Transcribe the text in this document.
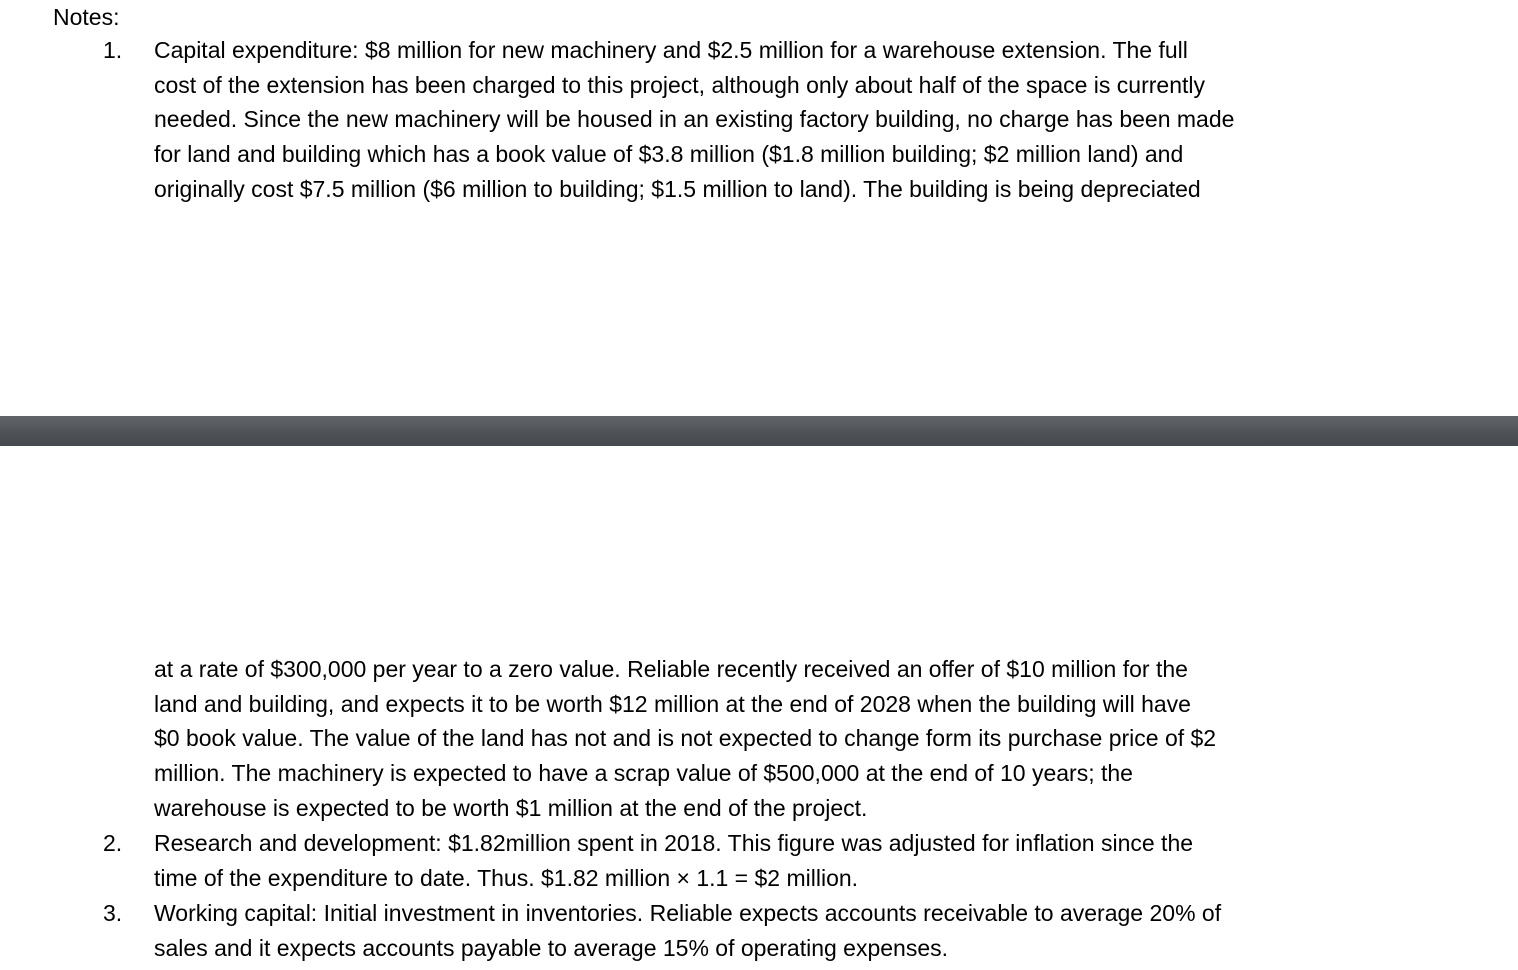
Notes:
1. Capital expenditure: $8 million for new machinery and $2.5 million for a warehouse extension. The full
cost of the extension has been charged to this project, although only about half of the space is currently
needed. Since the new machinery will be housed in an existing factory building, no charge has been made
for land and building which has a book value of $3.8 million ($1.8 million building; $2 million land) and
originally cost $7.5 million ($6 million to building; $1.5 million to land). The building is being depreciated
at a rate of $300,000 per year to a zero value. Reliable recently received an offer of $10 million for the
land and building, and expects it to be worth $12 million at the end of 2028 when the building will have
$0 book value. The value of the land has not and is not expected to change form its purchase price of $2
million. The machinery is expected to have a scrap value of $500,000 at the end of 10 years; the
warehouse is expected to be worth $1 million at the end of the project.
2. Research and development: $1.82million spent in 2018. This figure was adjusted for inflation since the
time of the expenditure to date. Thus. $1.82 million × 1.1 = $2 million.
3. Working capital: Initial investment in inventories. Reliable expects accounts receivable to average 20% of
sales and it expects accounts payable to average 15% of operating expenses.
